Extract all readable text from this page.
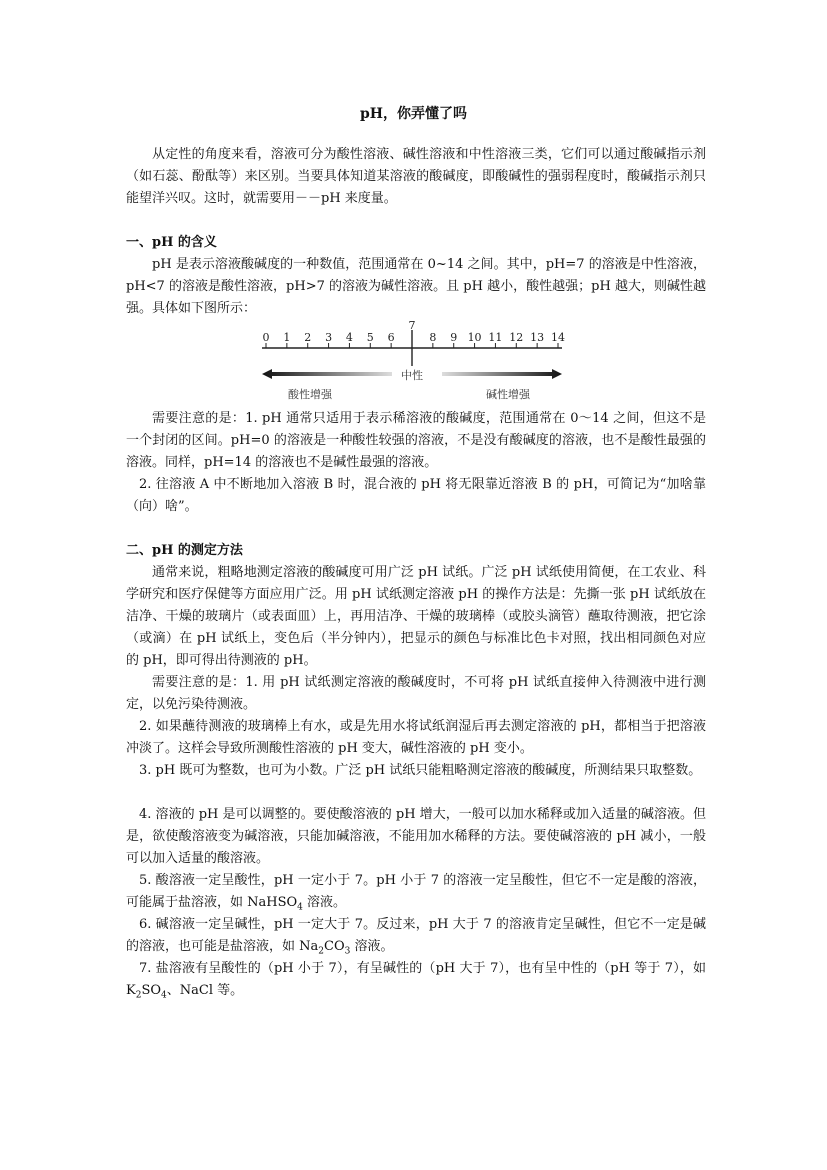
pH，你弄懂了吗
从定性的角度来看，溶液可分为酸性溶液、碱性溶液和中性溶液三类，它们可以通过酸碱指示剂（如石蕊、酚酞等）来区别。当要具体知道某溶液的酸碱度，即酸碱性的强弱程度时，酸碱指示剂只能望洋兴叹。这时，就需要用－－pH 来度量。
一、pH 的含义
pH 是表示溶液酸碱度的一种数值，范围通常在 0~14 之间。其中，pH=7 的溶液是中性溶液，pH<7 的溶液是酸性溶液，pH>7 的溶液为碱性溶液。且 pH 越小，酸性越强；pH 越大，则碱性越强。具体如下图所示：
0 1 2 3 4 5 6
7
8 9 10 11 12 13 14
中性
酸性增强	碱性增强
需要注意的是：1. pH 通常只适用于表示稀溶液的酸碱度，范围通常在 0～14 之间，但这不是一个封闭的区间。pH=0 的溶液是一种酸性较强的溶液，不是没有酸碱度的溶液，也不是酸性最强的溶液。同样，pH=14 的溶液也不是碱性最强的溶液。
2. 往溶液 A 中不断地加入溶液 B 时，混合液的 pH 将无限靠近溶液 B 的 pH，可简记为“加啥靠（向）啥”。
二、pH 的测定方法
通常来说，粗略地测定溶液的酸碱度可用广泛 pH 试纸。广泛 pH 试纸使用简便，在工农业、科学研究和医疗保健等方面应用广泛。用 pH 试纸测定溶液 pH 的操作方法是：先撕一张 pH 试纸放在洁净、干燥的玻璃片（或表面皿）上，再用洁净、干燥的玻璃棒（或胶头滴管）蘸取待测液，把它涂（或滴）在 pH 试纸上，变色后（半分钟内），把显示的颜色与标准比色卡对照，找出相同颜色对应的 pH，即可得出待测液的 pH。
需要注意的是：1. 用 pH 试纸测定溶液的酸碱度时，不可将 pH 试纸直接伸入待测液中进行测定，以免污染待测液。
2. 如果蘸待测液的玻璃棒上有水，或是先用水将试纸润湿后再去测定溶液的 pH，都相当于把溶液冲淡了。这样会导致所测酸性溶液的 pH 变大，碱性溶液的 pH 变小。
3. pH 既可为整数，也可为小数。广泛 pH 试纸只能粗略测定溶液的酸碱度，所测结果只取整数。
4. 溶液的 pH 是可以调整的。要使酸溶液的 pH 增大，一般可以加水稀释或加入适量的碱溶液。但是，欲使酸溶液变为碱溶液，只能加碱溶液，不能用加水稀释的方法。要使碱溶液的 pH 减小，一般可以加入适量的酸溶液。
5. 酸溶液一定呈酸性，pH 一定小于 7。pH 小于 7 的溶液一定呈酸性，但它不一定是酸的溶液，可能属于盐溶液，如 NaHSO$_4$ 溶液。
6. 碱溶液一定呈碱性，pH 一定大于 7。反过来，pH 大于 7 的溶液肯定呈碱性，但它不一定是碱的溶液，也可能是盐溶液，如 $Na_2CO_3$ 溶液。
7. 盐溶液有呈酸性的（pH 小于 7），有呈碱性的（pH 大于 7），也有呈中性的（pH 等于 7），如 $K_2SO_4$、NaCl 等。
